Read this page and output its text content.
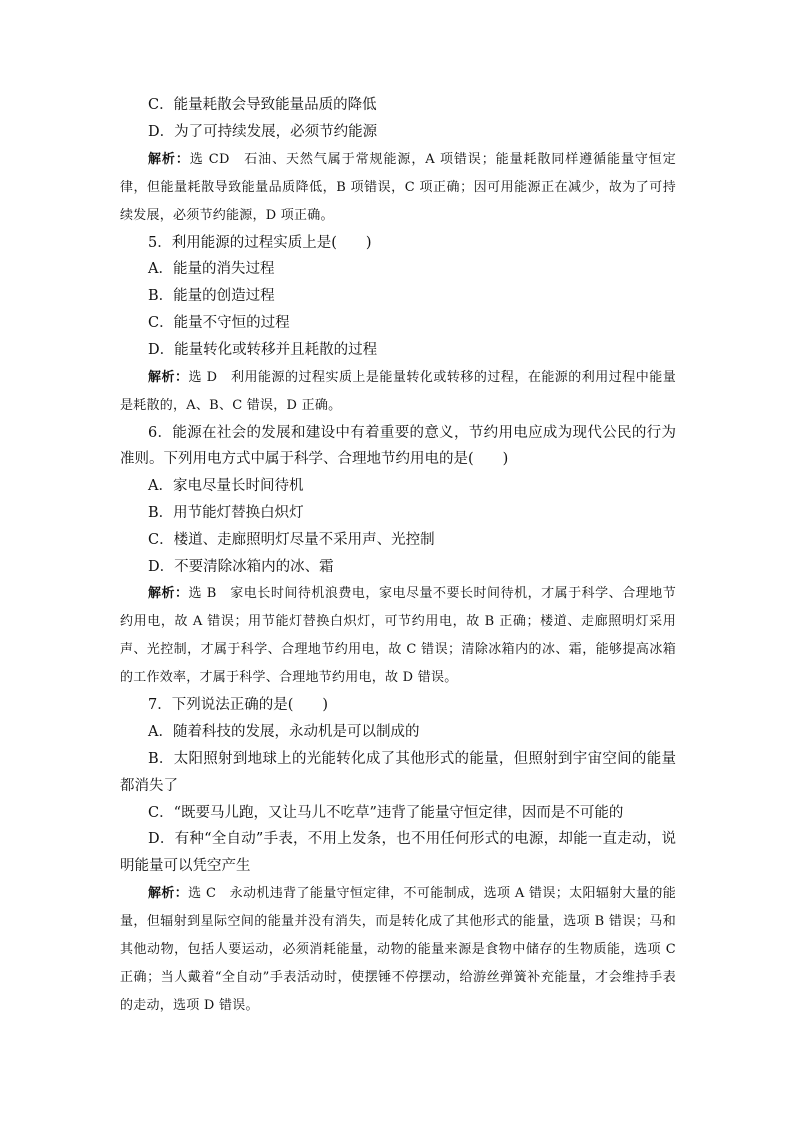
C．能量耗散会导致能量品质的降低

D．为了可持续发展，必须节约能源

解析：选 CD　石油、天然气属于常规能源，A 项错误；能量耗散同样遵循能量守恒定律，但能量耗散导致能量品质降低，B 项错误，C 项正确；因可用能源正在减少，故为了可持续发展，必须节约能源，D 项正确。

5．利用能源的过程实质上是(　　)

A．能量的消失过程

B．能量的创造过程

C．能量不守恒的过程

D．能量转化或转移并且耗散的过程

解析：选 D　利用能源的过程实质上是能量转化或转移的过程，在能源的利用过程中能量是耗散的，A、B、C 错误，D 正确。

6．能源在社会的发展和建设中有着重要的意义，节约用电应成为现代公民的行为准则。下列用电方式中属于科学、合理地节约用电的是(　　)

A．家电尽量长时间待机

B．用节能灯替换白炽灯

C．楼道、走廊照明灯尽量不采用声、光控制

D．不要清除冰箱内的冰、霜

解析：选 B　家电长时间待机浪费电，家电尽量不要长时间待机，才属于科学、合理地节约用电，故 A 错误；用节能灯替换白炽灯，可节约用电，故 B 正确；楼道、走廊照明灯采用声、光控制，才属于科学、合理地节约用电，故 C 错误；清除冰箱内的冰、霜，能够提高冰箱的工作效率，才属于科学、合理地节约用电，故 D 错误。

7．下列说法正确的是(　　)

A．随着科技的发展，永动机是可以制成的

B．太阳照射到地球上的光能转化成了其他形式的能量，但照射到宇宙空间的能量都消失了

C．“既要马儿跑，又让马儿不吃草”违背了能量守恒定律，因而是不可能的

D．有种“全自动”手表，不用上发条，也不用任何形式的电源，却能一直走动，说明能量可以凭空产生

解析：选 C　永动机违背了能量守恒定律，不可能制成，选项 A 错误；太阳辐射大量的能量，但辐射到星际空间的能量并没有消失，而是转化成了其他形式的能量，选项 B 错误；马和其他动物，包括人要运动，必须消耗能量，动物的能量来源是食物中储存的生物质能，选项 C 正确；当人戴着“全自动”手表活动时，使摆锤不停摆动，给游丝弹簧补充能量，才会维持手表的走动，选项 D 错误。
